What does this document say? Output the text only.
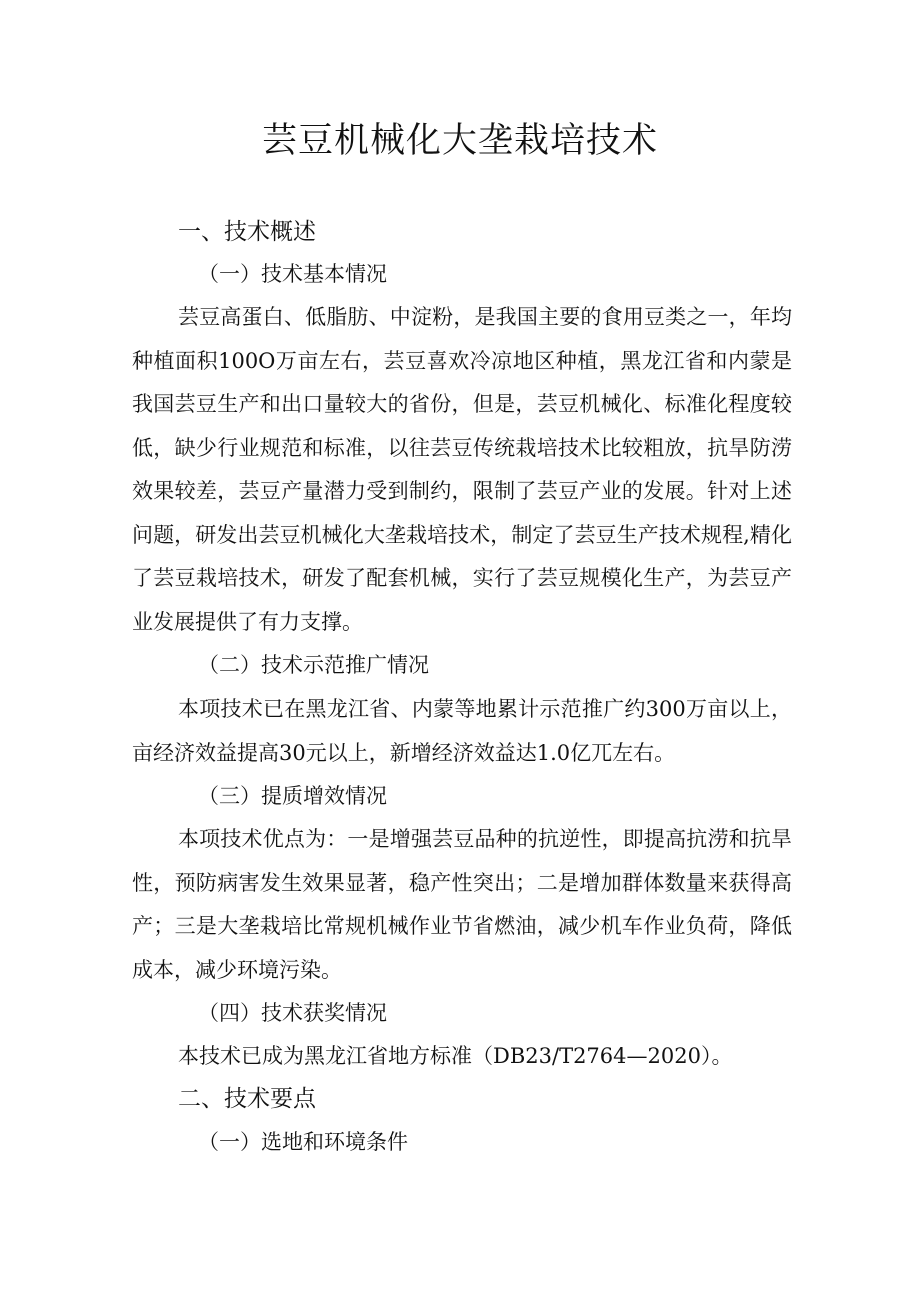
芸豆机械化大垄栽培技术
一、技术概述
（一）技术基本情况

芸豆高蛋白、低脂肪、中淀粉，是我国主要的食用豆类之一，年均种植面积100O万亩左右，芸豆喜欢冷凉地区种植，黑龙江省和内蒙是我国芸豆生产和出口量较大的省份，但是，芸豆机械化、标准化程度较低，缺少行业规范和标准，以往芸豆传统栽培技术比较粗放，抗旱防涝效果较差，芸豆产量潜力受到制约，限制了芸豆产业的发展。针对上述问题，研发出芸豆机械化大垄栽培技术，制定了芸豆生产技术规程,精化了芸豆栽培技术，研发了配套机械，实行了芸豆规模化生产，为芸豆产业发展提供了有力支撑。

（二）技术示范推广情况

本项技术已在黑龙江省、内蒙等地累计示范推广约300万亩以上，亩经济效益提高30元以上，新增经济效益达1.0亿兀左右。

（三）提质增效情况

本项技术优点为：一是增强芸豆品种的抗逆性，即提高抗涝和抗旱性，预防病害发生效果显著，稳产性突出；二是增加群体数量来获得高产；三是大垄栽培比常规机械作业节省燃油，减少机车作业负荷，降低成本，减少环境污染。

（四）技术获奖情况
本技术已成为黑龙江省地方标准（DB23/T2764—2020）。
二、技术要点
（一）选地和环境条件
